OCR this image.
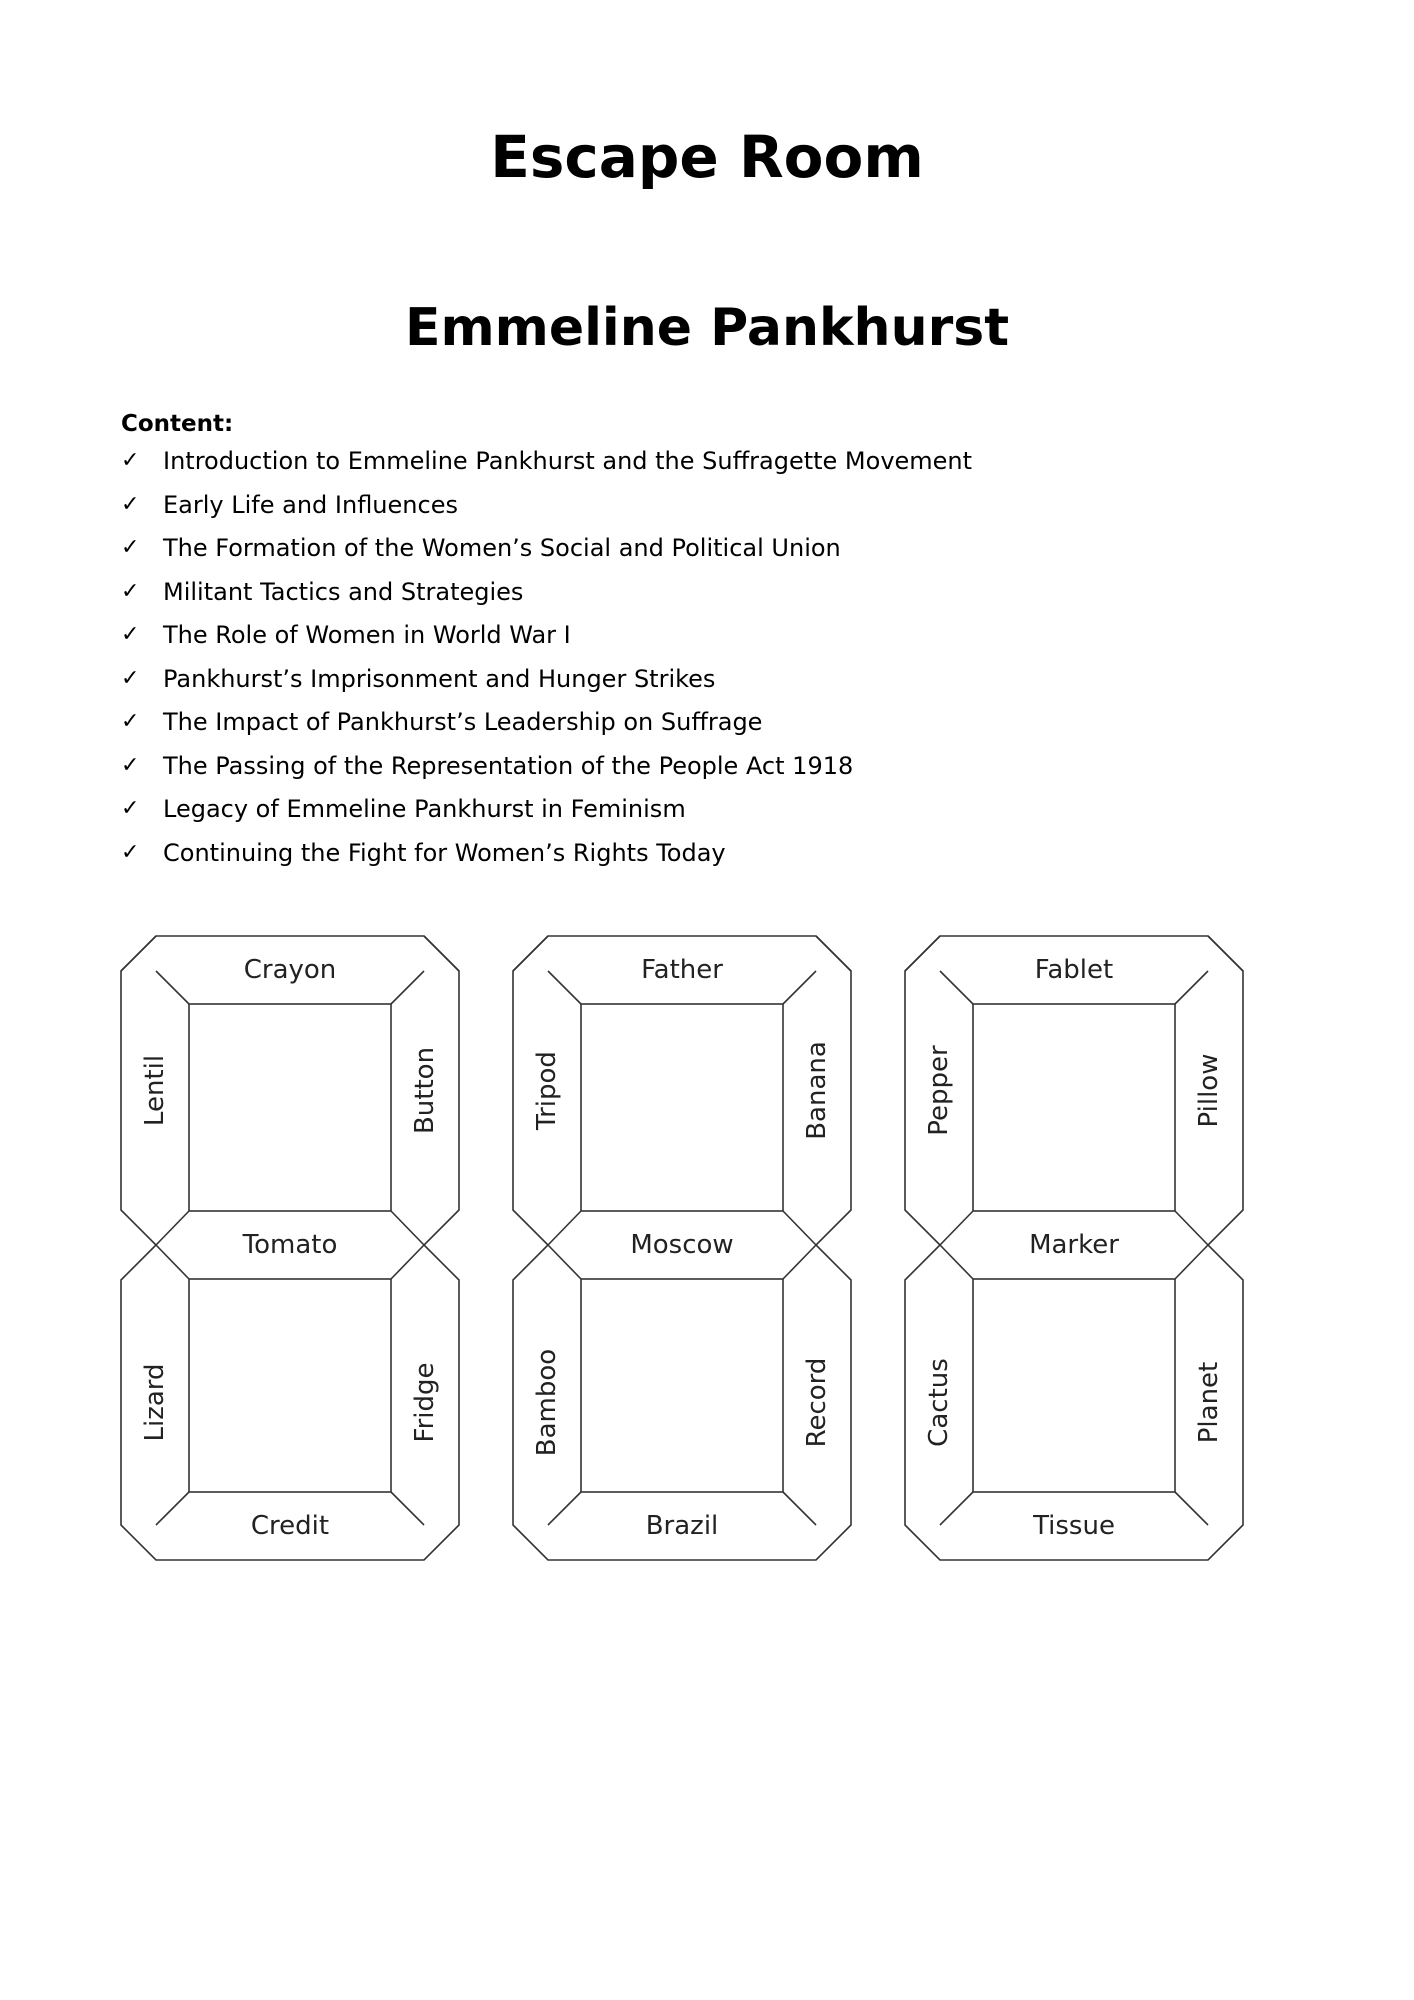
Escape Room
Emmeline Pankhurst

Content:

✓ Introduction to Emmeline Pankhurst and the Suffragette Movement
✓ Early Life and Influences
✓ The Formation of the Women’s Social and Political Union
✓ Militant Tactics and Strategies
✓ The Role of Women in World War I
✓ Pankhurst’s Imprisonment and Hunger Strikes
✓ The Impact of Pankhurst’s Leadership on Suffrage
✓ The Passing of the Representation of the People Act 1918
✓ Legacy of Emmeline Pankhurst in Feminism
✓ Continuing the Fight for Women’s Rights Today
Crayon
Tomato
Credit
Lentil	Button
Lizard	Fridge
Father
Moscow
Brazil
Tripod	Banana
Bamboo	Record
Fablet
Marker
Tissue
Pepper	Pillow
Cactus	Planet
